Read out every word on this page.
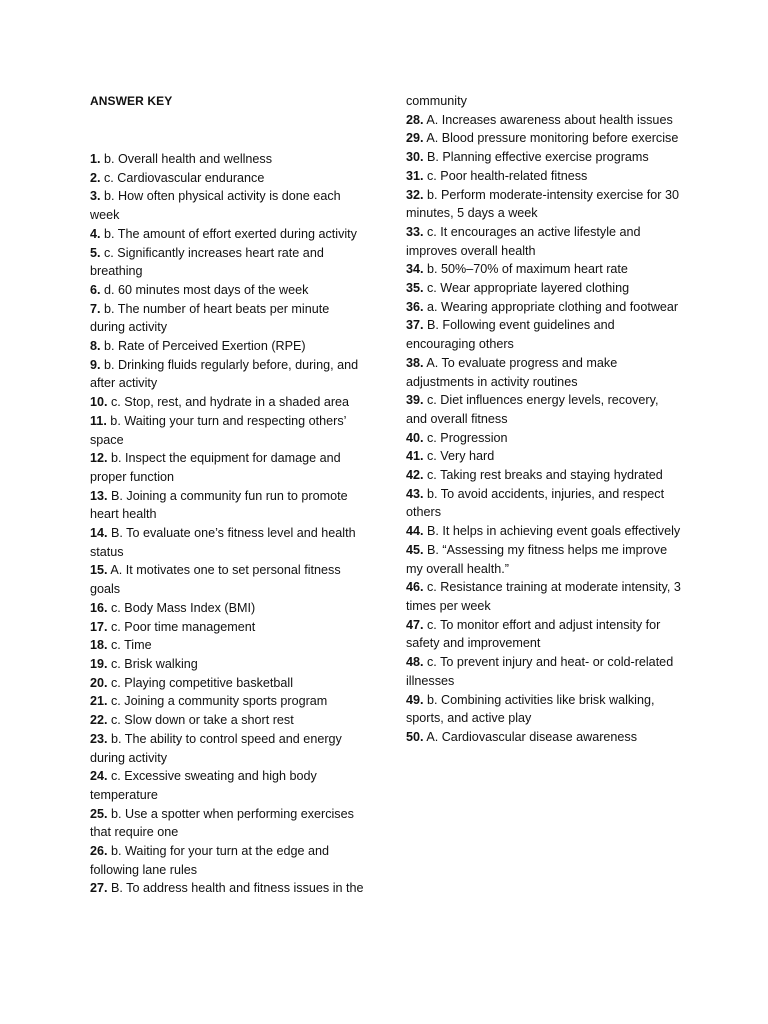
ANSWER KEY

1. b. Overall health and wellness

2. c. Cardiovascular endurance

3. b. How often physical activity is done each week

4. b. The amount of effort exerted during activity

5. c. Significantly increases heart rate and breathing

6. d. 60 minutes most days of the week

7. b. The number of heart beats per minute during activity

8. b. Rate of Perceived Exertion (RPE)

9. b. Drinking fluids regularly before, during, and after activity

10. c. Stop, rest, and hydrate in a shaded area

11. b. Waiting your turn and respecting others’ space

12. b. Inspect the equipment for damage and proper function

13. B. Joining a community fun run to promote heart health

14. B. To evaluate one’s fitness level and health status

15. A. It motivates one to set personal fitness goals

16. c. Body Mass Index (BMI)

17. c. Poor time management

18. c. Time

19. c. Brisk walking

20. c. Playing competitive basketball

21. c. Joining a community sports program

22. c. Slow down or take a short rest

23. b. The ability to control speed and energy during activity

24. c. Excessive sweating and high body temperature

25. b. Use a spotter when performing exercises that require one

26. b. Waiting for your turn at the edge and following lane rules

27. B. To address health and fitness issues in the

community

28. A. Increases awareness about health issues

29. A. Blood pressure monitoring before exercise

30. B. Planning effective exercise programs

31. c. Poor health-related fitness

32. b. Perform moderate-intensity exercise for 30 minutes, 5 days a week

33. c. It encourages an active lifestyle and improves overall health

34. b. 50%–70% of maximum heart rate

35. c. Wear appropriate layered clothing

36. a. Wearing appropriate clothing and footwear

37. B. Following event guidelines and encouraging others

38. A. To evaluate progress and make adjustments in activity routines

39. c. Diet influences energy levels, recovery, and overall fitness

40. c. Progression

41. c. Very hard

42. c. Taking rest breaks and staying hydrated

43. b. To avoid accidents, injuries, and respect others

44. B. It helps in achieving event goals effectively

45. B. “Assessing my fitness helps me improve my overall health.”

46. c. Resistance training at moderate intensity, 3 times per week

47. c. To monitor effort and adjust intensity for safety and improvement

48. c. To prevent injury and heat- or cold-related illnesses

49. b. Combining activities like brisk walking, sports, and active play

50. A. Cardiovascular disease awareness
